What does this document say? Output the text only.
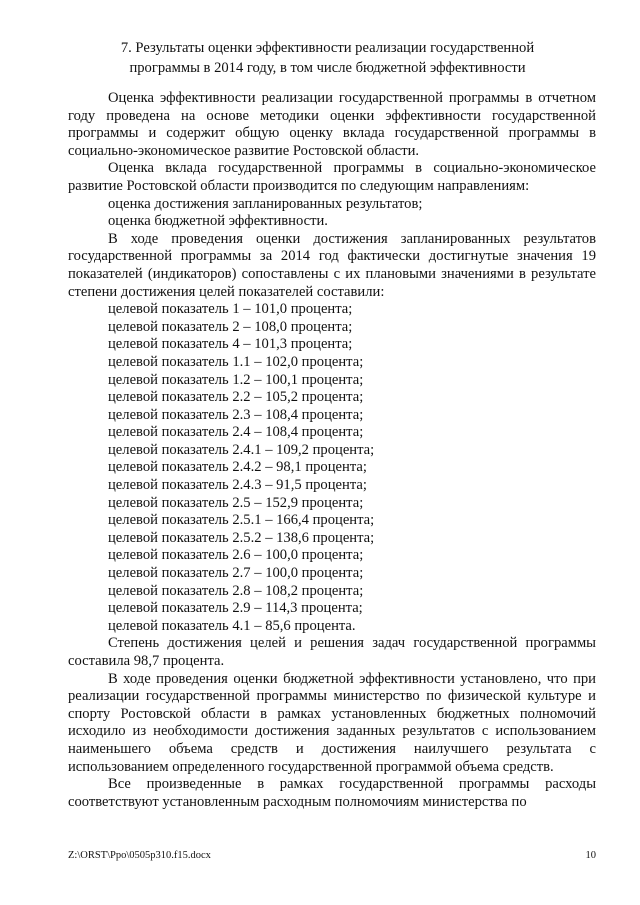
7. Результаты оценки эффективности реализации государственной
программы в 2014 году, в том числе бюджетной эффективности

Оценка эффективности реализации государственной программы в отчетном году проведена на основе методики оценки эффективности государственной программы и содержит общую оценку вклада государственной программы в социально-экономическое развитие Ростовской области.

Оценка вклада государственной программы в социально-экономическое развитие Ростовской области производится по следующим направлениям:

оценка достижения запланированных результатов;

оценка бюджетной эффективности.

В ходе проведения оценки достижения запланированных результатов государственной программы за 2014 год фактически достигнутые значения 19 показателей (индикаторов) сопоставлены с их плановыми значениями в результате степени достижения целей показателей составили:

целевой показатель 1 – 101,0 процента;

целевой показатель 2 – 108,0 процента;

целевой показатель 4 – 101,3 процента;

целевой показатель 1.1 – 102,0 процента;

целевой показатель 1.2 – 100,1 процента;

целевой показатель 2.2 – 105,2 процента;

целевой показатель 2.3 – 108,4 процента;

целевой показатель 2.4 – 108,4 процента;

целевой показатель 2.4.1 – 109,2 процента;

целевой показатель 2.4.2 – 98,1 процента;

целевой показатель 2.4.3 – 91,5 процента;

целевой показатель 2.5 – 152,9 процента;

целевой показатель 2.5.1 – 166,4 процента;

целевой показатель 2.5.2 – 138,6 процента;

целевой показатель 2.6 – 100,0 процента;

целевой показатель 2.7 – 100,0 процента;

целевой показатель 2.8 – 108,2 процента;

целевой показатель 2.9 – 114,3 процента;

целевой показатель 4.1 – 85,6 процента.

Степень достижения целей и решения задач государственной программы составила 98,7 процента.

В ходе проведения оценки бюджетной эффективности установлено, что при реализации государственной программы министерство по физической культуре и спорту Ростовской области в рамках установленных бюджетных полномочий исходило из необходимости достижения заданных результатов с использованием наименьшего объема средств и достижения наилучшего результата с использованием определенного государственной программой объема средств.

Все произведенные в рамках государственной программы расходы соответствуют установленным расходным полномочиям министерства по

Z:\ORST\Ppo\0505p310.f15.docx	10
